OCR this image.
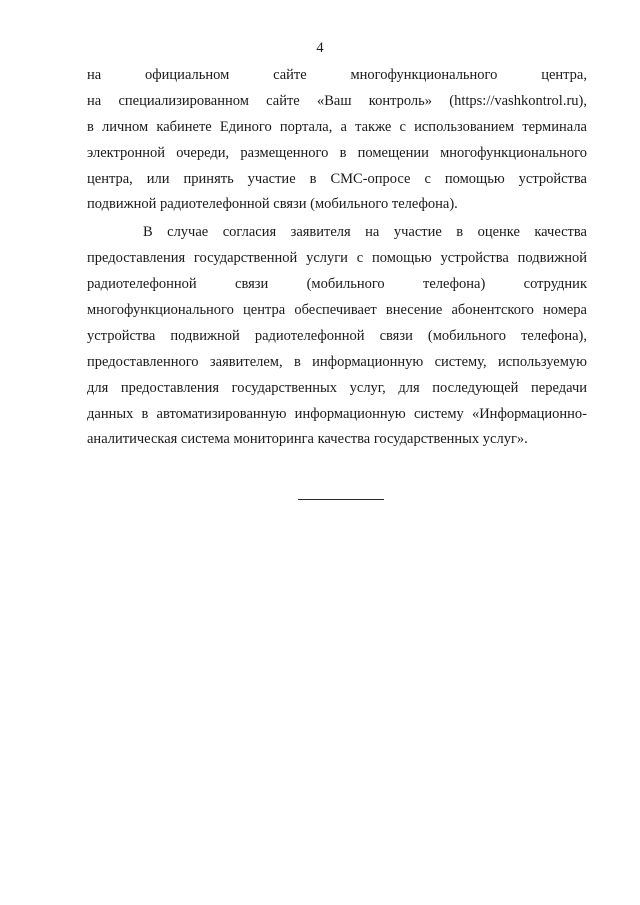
4
на официальном сайте многофункционального центра,
на специализированном сайте «Ваш контроль» (https://vashkontrol.ru),
в личном кабинете Единого портала, а также с использованием терминала
электронной очереди, размещенного в помещении многофункционального
центра, или принять участие в СМС-опросе с помощью устройства
подвижной радиотелефонной связи (мобильного телефона).
В случае согласия заявителя на участие в оценке качества
предоставления государственной услуги с помощью устройства подвижной
радиотелефонной связи (мобильного телефона) сотрудник
многофункционального центра обеспечивает внесение абонентского номера
устройства подвижной радиотелефонной связи (мобильного телефона),
предоставленного заявителем, в информационную систему, используемую
для предоставления государственных услуг, для последующей передачи
данных в автоматизированную информационную систему «Информационно-
аналитическая система мониторинга качества государственных услуг».
